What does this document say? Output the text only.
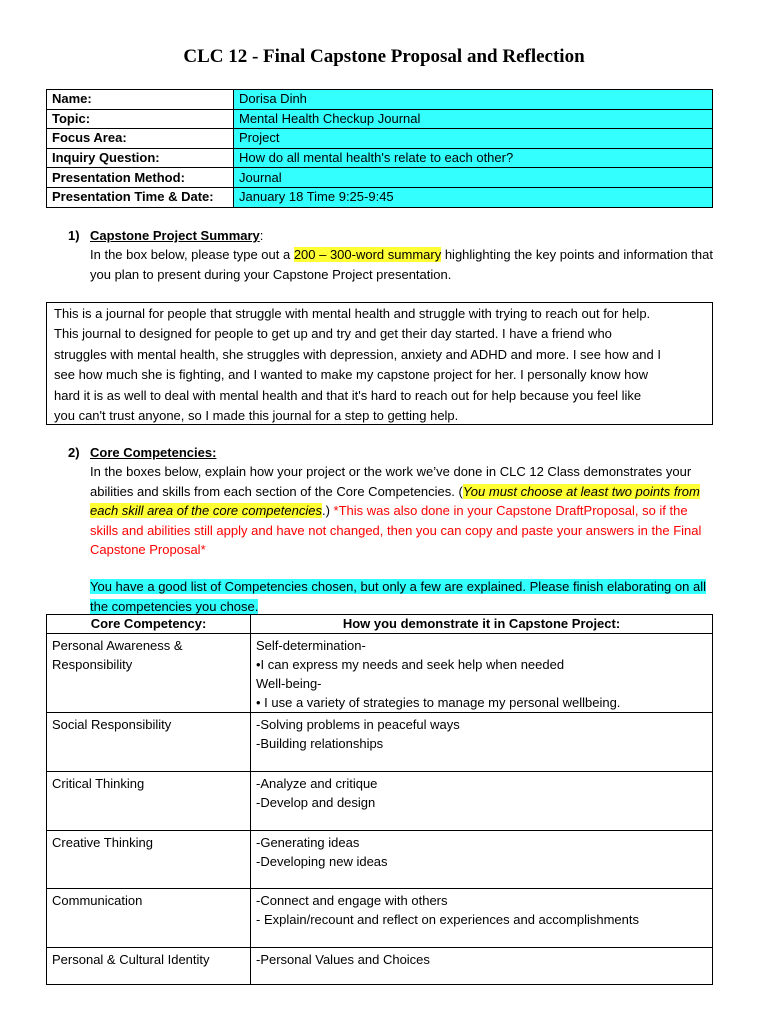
CLC 12 - Final Capstone Proposal and Reflection
Name:	Dorisa Dinh
Topic:	Mental Health Checkup Journal
Focus Area:	Project
Inquiry Question:	How do all mental health's relate to each other?
Presentation Method:	Journal
Presentation Time & Date:	January 18 Time 9:25-9:45
1) Capstone Project Summary:
In the box below, please type out a 200 – 300-word summary highlighting the key points and information that you plan to present during your Capstone Project presentation.
This is a journal for people that struggle with mental health and struggle with trying to reach out for help.
This journal to designed for people to get up and try and get their day started. I have a friend who
struggles with mental health, she struggles with depression, anxiety and ADHD and more. I see how and I
see how much she is fighting, and I wanted to make my capstone project for her. I personally know how
hard it is as well to deal with mental health and that it's hard to reach out for help because you feel like
you can't trust anyone, so I made this journal for a step to getting help.
2) Core Competencies:
In the boxes below, explain how your project or the work we’ve done in CLC 12 Class demonstrates your abilities and skills from each section of the Core Competencies. (You must choose at least two points from each skill area of the core competencies.) *This was also done in your Capstone DraftProposal, so if the skills and abilities still apply and have not changed, then you can copy and paste your answers in the Final Capstone Proposal*
You have a good list of Competencies chosen, but only a few are explained. Please finish elaborating on all the competencies you chose.
Core Competency:	How you demonstrate it in Capstone Project:
Personal Awareness & Responsibility	Self-determination-
•I can express my needs and seek help when needed
Well-being-
• I use a variety of strategies to manage my personal wellbeing.

Social Responsibility	-Solving problems in peaceful ways
-Building relationships

Critical Thinking	-Analyze and critique
-Develop and design

Creative Thinking	-Generating ideas
-Developing new ideas

Communication	-Connect and engage with others
- Explain/recount and reflect on experiences and accomplishments

Personal & Cultural Identity	-Personal Values and Choices
